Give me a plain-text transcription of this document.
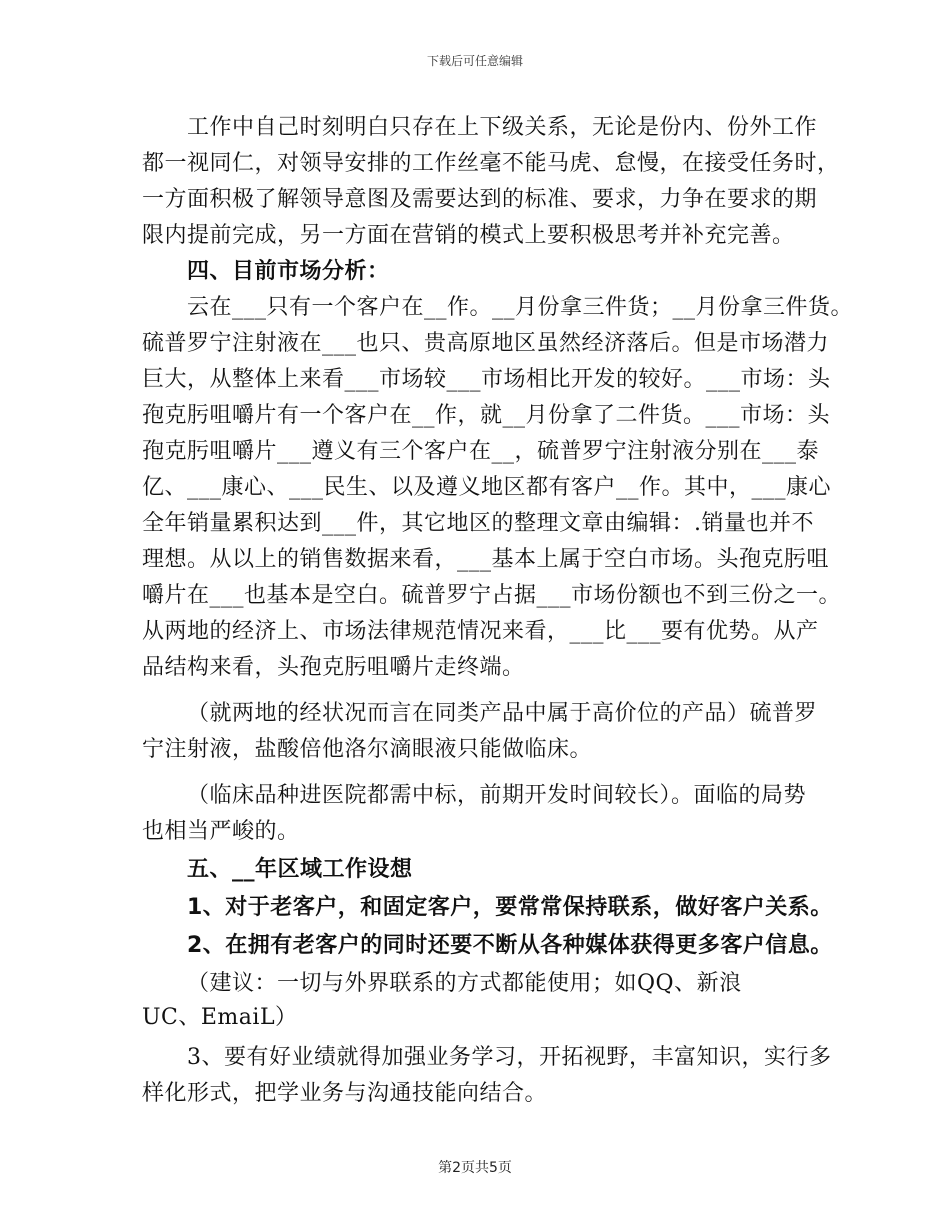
下载后可任意编辑
工作中自己时刻明白只存在上下级关系，无论是份内、份外工作
都一视同仁，对领导安排的工作丝毫不能马虎、怠慢，在接受任务时，
一方面积极了解领导意图及需要达到的标准、要求，力争在要求的期
限内提前完成，另一方面在营销的模式上要积极思考并补充完善。
四、目前市场分析：
云在___只有一个客户在__作。__月份拿三件货；__月份拿三件货。
硫普罗宁注射液在___也只、贵高原地区虽然经济落后。但是市场潜力
巨大，从整体上来看___市场较___市场相比开发的较好。___市场：头
孢克肟咀嚼片有一个客户在__作，就__月份拿了二件货。___市场：头
孢克肟咀嚼片___遵义有三个客户在__，硫普罗宁注射液分别在___泰
亿、___康心、___民生、以及遵义地区都有客户__作。其中，___康心
全年销量累积达到___件，其它地区的整理文章由编辑：.销量也并不
理想。从以上的销售数据来看，___基本上属于空白市场。头孢克肟咀
嚼片在___也基本是空白。硫普罗宁占据___市场份额也不到三份之一。
从两地的经济上、市场法律规范情况来看，___比___要有优势。从产
品结构来看，头孢克肟咀嚼片走终端。
（就两地的经状况而言在同类产品中属于高价位的产品）硫普罗
宁注射液，盐酸倍他洛尔滴眼液只能做临床。
（临床品种进医院都需中标，前期开发时间较长）。面临的局势
也相当严峻的。
五、__年区域工作设想
1、对于老客户，和固定客户，要常常保持联系，做好客户关系。
2、在拥有老客户的同时还要不断从各种媒体获得更多客户信息。
（建议：一切与外界联系的方式都能使用；如QQ、新浪
UC、EmaiL）
3、要有好业绩就得加强业务学习，开拓视野，丰富知识，实行多
样化形式，把学业务与沟通技能向结合。
第2页共5页
